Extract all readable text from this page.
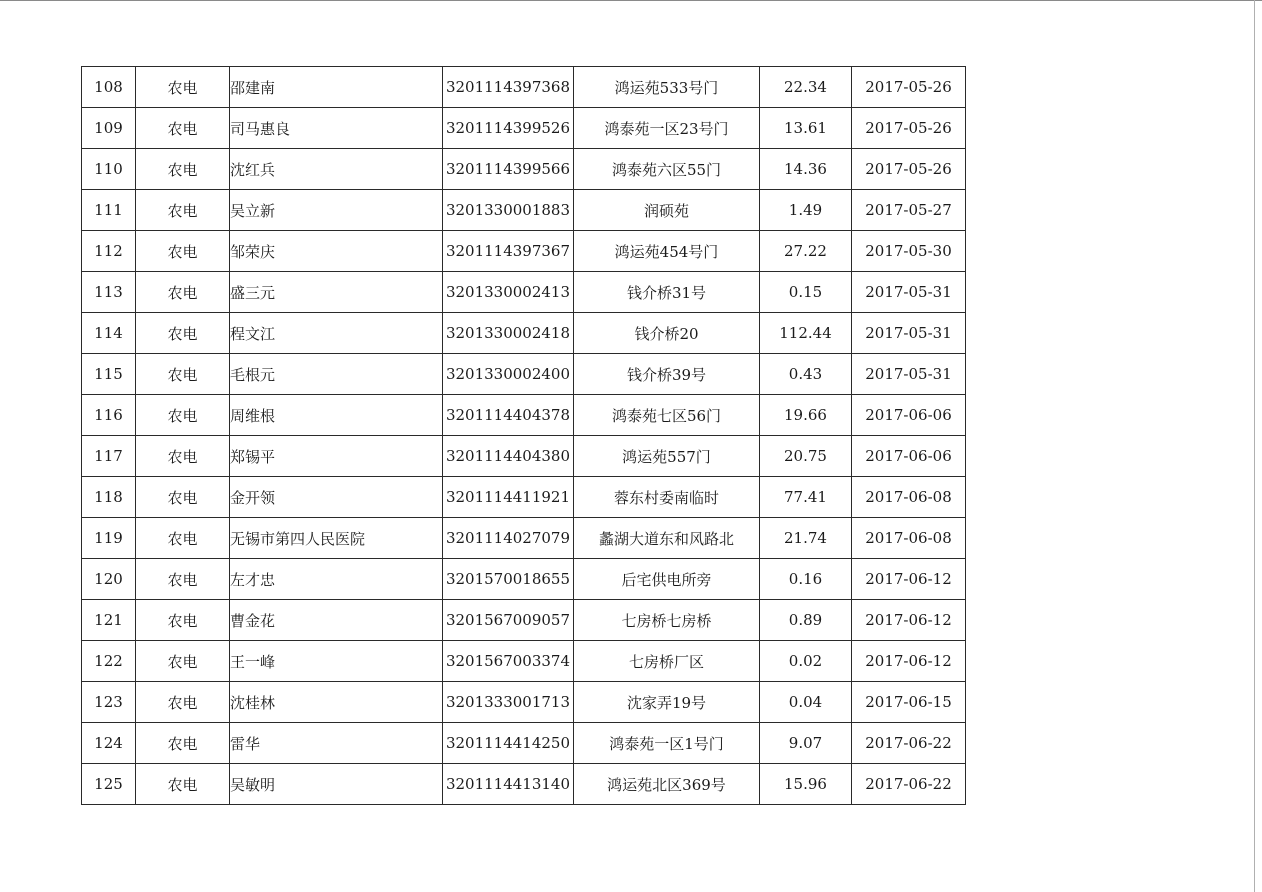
108	农电	邵建南	3201114397368	鸿运苑533号门	22.34	2017-05-26
109	农电	司马惠良	3201114399526	鸿泰苑一区23号门	13.61	2017-05-26
110	农电	沈红兵	3201114399566	鸿泰苑六区55门	14.36	2017-05-26
111	农电	吴立新	3201330001883	润硕苑	1.49	2017-05-27
112	农电	邹荣庆	3201114397367	鸿运苑454号门	27.22	2017-05-30
113	农电	盛三元	3201330002413	钱介桥31号	0.15	2017-05-31
114	农电	程文江	3201330002418	钱介桥20	112.44	2017-05-31
115	农电	毛根元	3201330002400	钱介桥39号	0.43	2017-05-31
116	农电	周维根	3201114404378	鸿泰苑七区56门	19.66	2017-06-06
117	农电	郑锡平	3201114404380	鸿运苑557门	20.75	2017-06-06
118	农电	金开领	3201114411921	蓉东村委南临时	77.41	2017-06-08
119	农电	无锡市第四人民医院	3201114027079	蠡湖大道东和风路北	21.74	2017-06-08
120	农电	左才忠	3201570018655	后宅供电所旁	0.16	2017-06-12
121	农电	曹金花	3201567009057	七房桥七房桥	0.89	2017-06-12
122	农电	王一峰	3201567003374	七房桥厂区	0.02	2017-06-12
123	农电	沈桂林	3201333001713	沈家弄19号	0.04	2017-06-15
124	农电	雷华	3201114414250	鸿泰苑一区1号门	9.07	2017-06-22
125	农电	吴敏明	3201114413140	鸿运苑北区369号	15.96	2017-06-22
